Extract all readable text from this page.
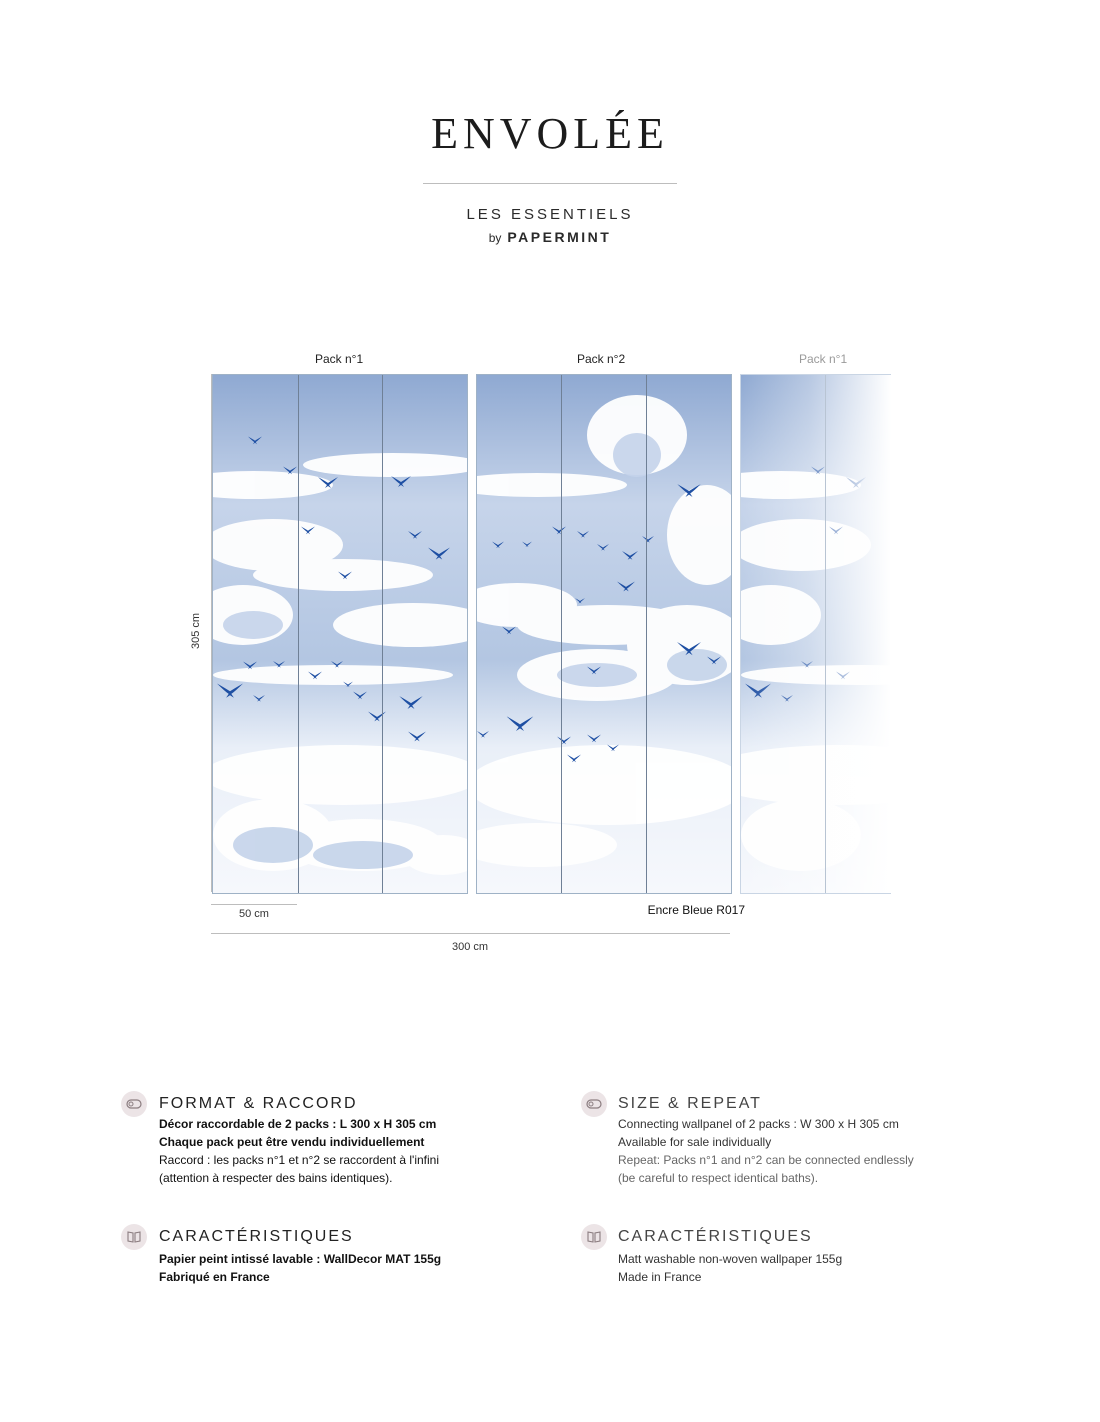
ENVOLÉE
LES ESSENTIELS
by PAPERMINT
Pack n°1	Pack n°2	Pack n°1
305 cm
50 cm	Encre Bleue R017
300 cm
FORMAT & RACCORD
Décor raccordable de 2 packs : L 300 x H 305 cm
Chaque pack peut être vendu individuellement
Raccord : les packs n°1 et n°2 se raccordent à l'infini
(attention à respecter des bains identiques).
SIZE & REPEAT
Connecting wallpanel of 2 packs : W 300 x H 305 cm
Available for sale individually
Repeat: Packs n°1 and n°2 can be connected endlessly
(be careful to respect identical baths).
CARACTÉRISTIQUES
Papier peint intissé lavable : WallDecor MAT 155g
Fabriqué en France
CARACTÉRISTIQUES
Matt washable non-woven wallpaper 155g
Made in France
